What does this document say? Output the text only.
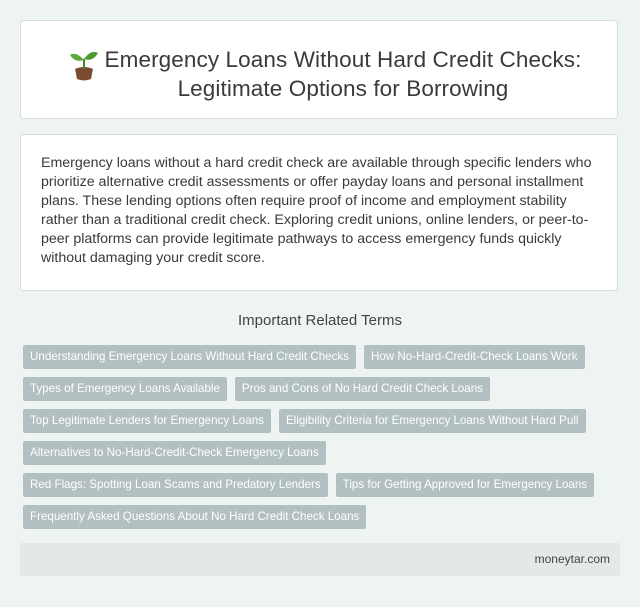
Emergency Loans Without Hard Credit Checks: Legitimate Options for Borrowing

Emergency loans without a hard credit check are available through specific lenders who prioritize alternative credit assessments or offer payday loans and personal installment plans. These lending options often require proof of income and employment stability rather than a traditional credit check. Exploring credit unions, online lenders, or peer-to-peer platforms can provide legitimate pathways to access emergency funds quickly without damaging your credit score.

Important Related Terms
Understanding Emergency Loans Without Hard Credit Checks	How No-Hard-Credit-Check Loans Work
Types of Emergency Loans Available	Pros and Cons of No Hard Credit Check Loans
Top Legitimate Lenders for Emergency Loans	Eligibility Criteria for Emergency Loans Without Hard Pull
Alternatives to No-Hard-Credit-Check Emergency Loans
Red Flags: Spotting Loan Scams and Predatory Lenders	Tips for Getting Approved for Emergency Loans
Frequently Asked Questions About No Hard Credit Check Loans
moneytar.com
